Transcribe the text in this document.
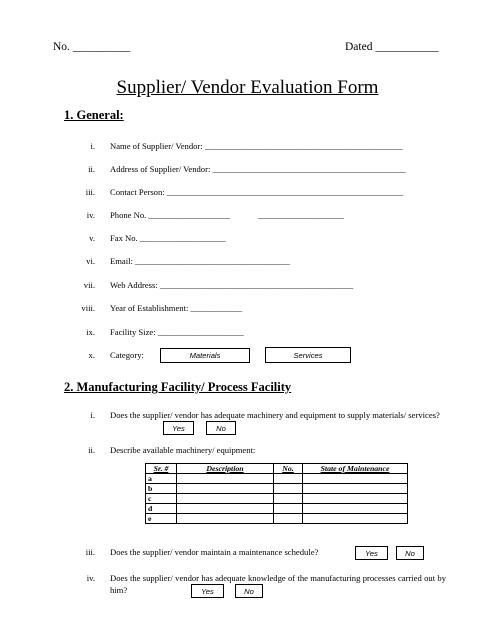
No. __________	Dated ___________
Supplier/ Vendor Evaluation Form
1. General:
i. Name of Supplier/ Vendor: ______________________________________________
ii. Address of Supplier/ Vendor: _____________________________________________
iii. Contact Person: _______________________________________________________
iv. Phone No. ___________________	____________________
v. Fax No. ____________________
vi. Email: ____________________________________
vii. Web Address: _____________________________________________
viii. Year of Establishment: ____________
ix. Facility Size: ____________________
x. Category:	Materials	Services
2. Manufacturing Facility/ Process Facility
i. Does the supplier/ vendor has adequate machinery and equipment to supply materials/ services?
Yes	No
ii. Describe available machinery/ equipment:
Sr. #	Description	No.	State of Maintenance
a			
b			
c			
d			
e			
iii. Does the supplier/ vendor maintain a maintenance schedule?	Yes	No
iv. Does the supplier/ vendor has adequate knowledge of the manufacturing processes carried out by him?	Yes	No
